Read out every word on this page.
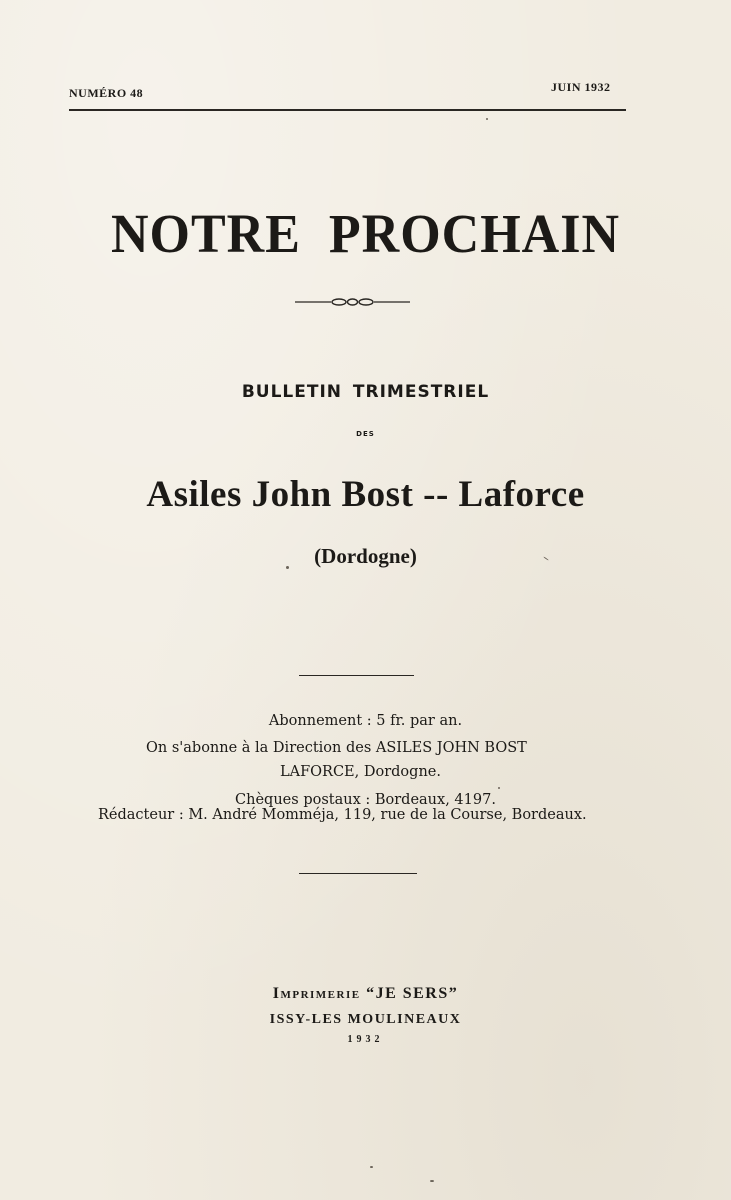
NUMÉRO 48	JUIN 1932
NOTRE PROCHAIN
BULLETIN TRIMESTRIEL
DES
Asiles John Bost -- Laforce
(Dordogne)
Abonnement : 5 fr. par an.
On s'abonne à la Direction des ASILES JOHN BOST
LAFORCE, Dordogne.
Chèques postaux : Bordeaux, 4197.
Rédacteur : M. André Momméja, 119, rue de la Course, Bordeaux.
Imprimerie “JE SERS”
ISSY-LES MOULINEAUX
1932
